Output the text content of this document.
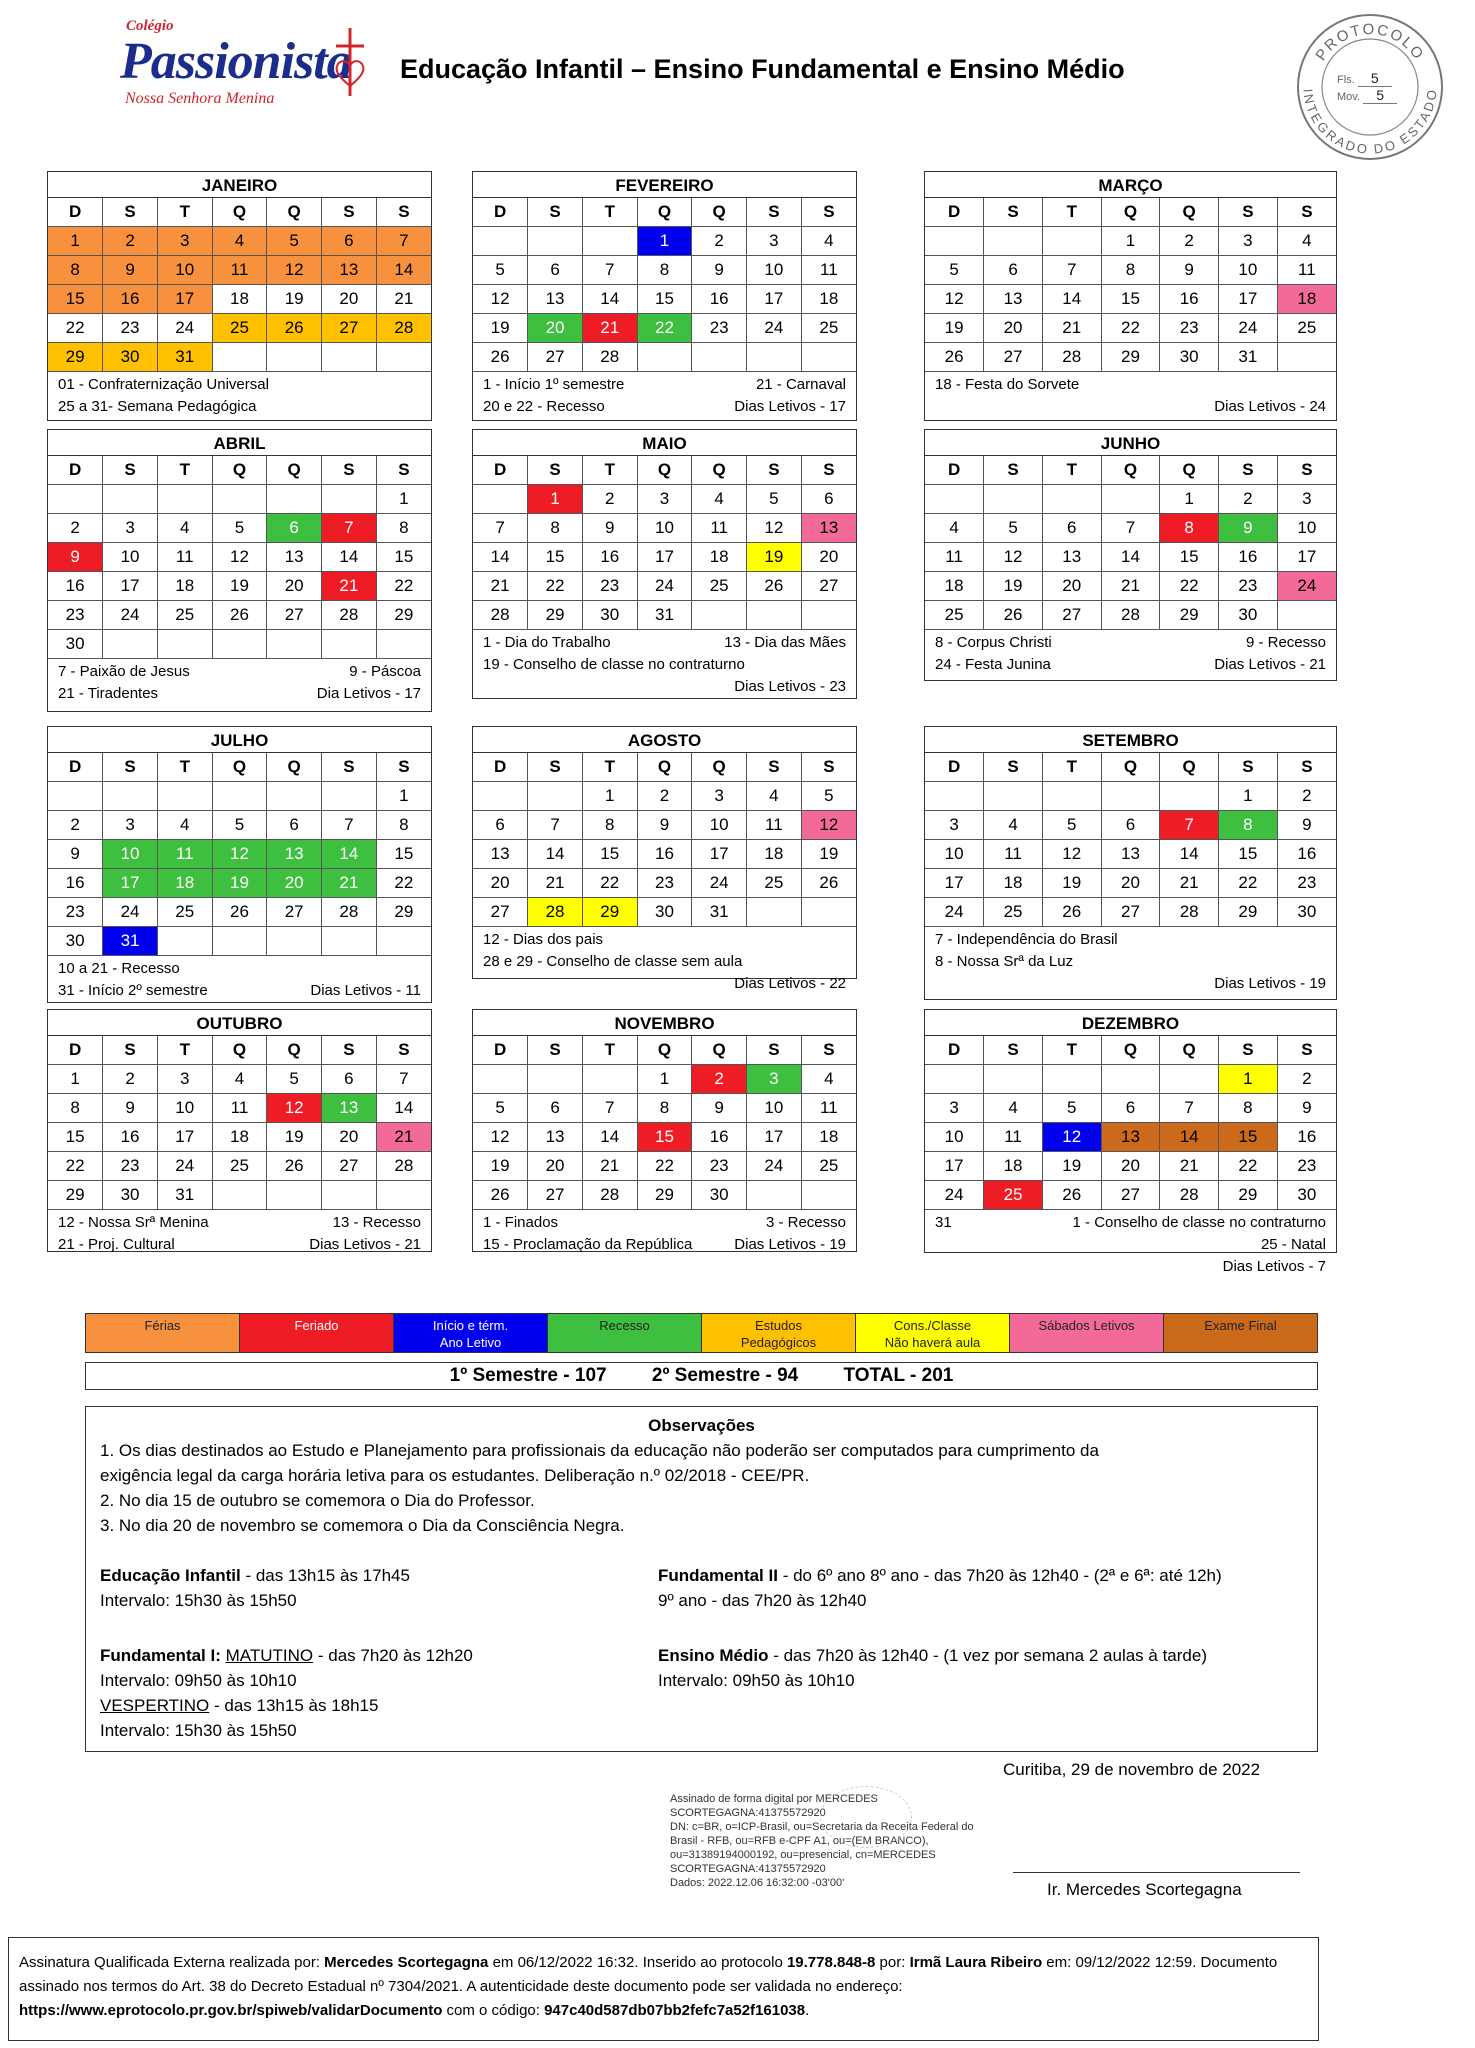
Colégio
Passionista
Nossa Senhora Menina
Educação Infantil – Ensino Fundamental e Ensino Médio	PROTOCOLO
INTEGRADO DO ESTADO
Fls. 5
Mov. 5
JANEIRO
D	S	T	Q	Q	S	S
1	2	3	4	5	6	7
8	9	10	11	12	13	14
15	16	17	18	19	20	21
22	23	24	25	26	27	28
29	30	31				
01 - Confraternização Universal
25 a 31- Semana Pedagógica
FEVEREIRO
D	S	T	Q	Q	S	S
			1	2	3	4
5	6	7	8	9	10	11
12	13	14	15	16	17	18
19	20	21	22	23	24	25
26	27	28				
1 - Início 1º semestre	21 - Carnaval
20 e 22 - Recesso	Dias Letivos - 17
MARÇO
D	S	T	Q	Q	S	S
			1	2	3	4
5	6	7	8	9	10	11
12	13	14	15	16	17	18
19	20	21	22	23	24	25
26	27	28	29	30	31	
18 - Festa do Sorvete
Dias Letivos - 24
ABRIL
D	S	T	Q	Q	S	S
						1
2	3	4	5	6	7	8
9	10	11	12	13	14	15
16	17	18	19	20	21	22
23	24	25	26	27	28	29
30						
7 - Paixão de Jesus	9 - Páscoa
21 - Tiradentes	Dia Letivos - 17
MAIO
D	S	T	Q	Q	S	S
	1	2	3	4	5	6
7	8	9	10	11	12	13
14	15	16	17	18	19	20
21	22	23	24	25	26	27
28	29	30	31			
1 - Dia do Trabalho	13 - Dia das Mães
19 - Conselho de classe no contraturno
Dias Letivos - 23
JUNHO
D	S	T	Q	Q	S	S
				1	2	3
4	5	6	7	8	9	10
11	12	13	14	15	16	17
18	19	20	21	22	23	24
25	26	27	28	29	30	
8 - Corpus Christi	9 - Recesso
24 - Festa Junina	Dias Letivos - 21
JULHO
D	S	T	Q	Q	S	S
						1
2	3	4	5	6	7	8
9	10	11	12	13	14	15
16	17	18	19	20	21	22
23	24	25	26	27	28	29
30	31					
10 a 21 - Recesso
31 - Início 2º semestre	Dias Letivos - 11
AGOSTO
D	S	T	Q	Q	S	S
		1	2	3	4	5
6	7	8	9	10	11	12
13	14	15	16	17	18	19
20	21	22	23	24	25	26
27	28	29	30	31		
12 - Dias dos pais
28 e 29 - Conselho de classe sem aula
Dias Letivos - 22
SETEMBRO
D	S	T	Q	Q	S	S
					1	2
3	4	5	6	7	8	9
10	11	12	13	14	15	16
17	18	19	20	21	22	23
24	25	26	27	28	29	30
7 - Independência do Brasil
8 - Nossa Srª da Luz
Dias Letivos - 19
OUTUBRO
D	S	T	Q	Q	S	S
1	2	3	4	5	6	7
8	9	10	11	12	13	14
15	16	17	18	19	20	21
22	23	24	25	26	27	28
29	30	31				
12 - Nossa Srª Menina	13 - Recesso
21 - Proj. Cultural	Dias Letivos - 21
NOVEMBRO
D	S	T	Q	Q	S	S
			1	2	3	4
5	6	7	8	9	10	11
12	13	14	15	16	17	18
19	20	21	22	23	24	25
26	27	28	29	30		
1 - Finados	3 - Recesso
15 - Proclamação da República	Dias Letivos - 19
DEZEMBRO
D	S	T	Q	Q	S	S
					1	2
3	4	5	6	7	8	9
10	11	12	13	14	15	16
17	18	19	20	21	22	23
24	25	26	27	28	29	30
31	1 - Conselho de classe no contraturno
25 - Natal
Dias Letivos - 7
Férias	Feriado	Início e térm.
Ano Letivo
Recesso	Estudos
Pedagógicos
Cons./Classe
Não haverá aula
Sábados Letivos	Exame Final
1º Semestre - 107 2º Semestre - 94 TOTAL - 201
Observações
1. Os dias destinados ao Estudo e Planejamento para profissionais da educação não poderão ser computados para cumprimento da
exigência legal da carga horária letiva para os estudantes. Deliberação n.º 02/2018 - CEE/PR.
2. No dia 15 de outubro se comemora o Dia do Professor.
3. No dia 20 de novembro se comemora o Dia da Consciência Negra.
Educação Infantil - das 13h15 às 17h45
Intervalo: 15h30 às 15h50
Fundamental I: MATUTINO - das 7h20 às 12h20
Intervalo: 09h50 às 10h10
VESPERTINO - das 13h15 às 18h15
Intervalo: 15h30 às 15h50
Fundamental II - do 6º ano 8º ano - das 7h20 às 12h40 - (2ª e 6ª: até 12h)
9º ano - das 7h20 às 12h40
Ensino Médio - das 7h20 às 12h40 - (1 vez por semana 2 aulas à tarde)
Intervalo: 09h50 às 10h10
Curitiba, 29 de novembro de 2022
Assinado de forma digital por MERCEDES
SCORTEGAGNA:41375572920
DN: c=BR, o=ICP-Brasil, ou=Secretaria da Receita Federal do
Brasil - RFB, ou=RFB e-CPF A1, ou=(EM BRANCO),
ou=31389194000192, ou=presencial, cn=MERCEDES
SCORTEGAGNA:41375572920
Dados: 2022.12.06 16:32:00 -03'00'	Ir. Mercedes Scortegagna
Assinatura Qualificada Externa realizada por: Mercedes Scortegagna em 06/12/2022 16:32. Inserido ao protocolo 19.778.848-8 por: Irmã Laura Ribeiro em: 09/12/2022 12:59. Documento assinado nos termos do Art. 38 do Decreto Estadual nº 7304/2021. A autenticidade deste documento pode ser validada no endereço: https://www.eprotocolo.pr.gov.br/spiweb/validarDocumento com o código: 947c40d587db07bb2fefc7a52f161038.
